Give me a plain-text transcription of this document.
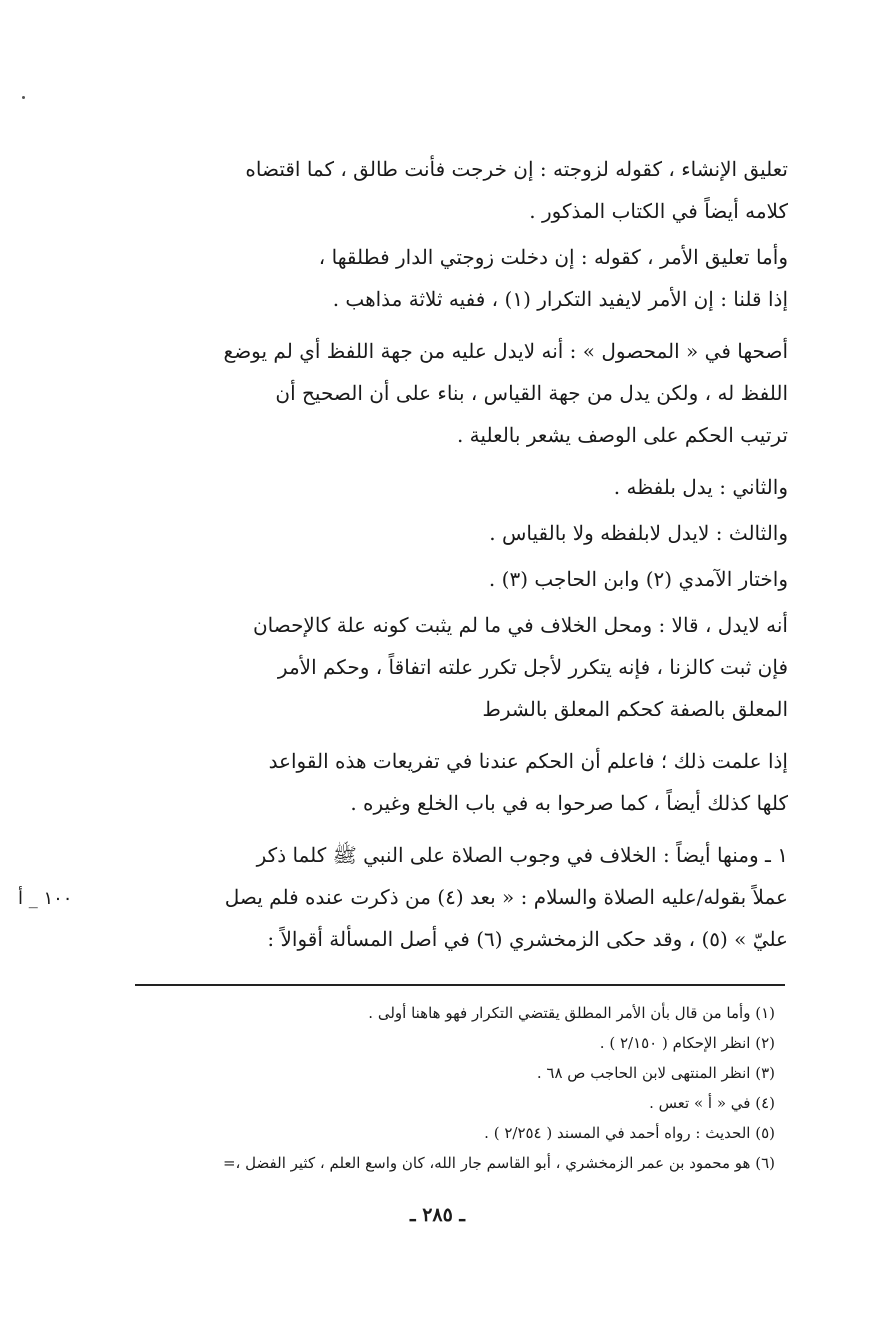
تعليق الإنشاء ، كقوله لزوجته : إن خرجت فأنت طالق ، كما اقتضاه
كلامه أيضاً في الكتاب المذكور .
وأما تعليق الأمر ، كقوله : إن دخلت زوجتي الدار فطلقها ،
إذا قلنا : إن الأمر لايفيد التكرار (١) ، ففيه ثلاثة مذاهب .
أصحها في « المحصول » : أنه لايدل عليه من جهة اللفظ أي لم يوضع
اللفظ له ، ولكن يدل من جهة القياس ، بناء على أن الصحيح أن
ترتيب الحكم على الوصف يشعر بالعلية .
والثاني : يدل بلفظه .
والثالث : لايدل لابلفظه ولا بالقياس .
واختار الآمدي (٢) وابن الحاجب (٣) .
أنه لايدل ، قالا : ومحل الخلاف في ما لم يثبت كونه علة كالإحصان
فإن ثبت كالزنا ، فإنه يتكرر لأجل تكرر علته اتفاقاً ، وحكم الأمر
المعلق بالصفة كحكم المعلق بالشرط
إذا علمت ذلك ؛ فاعلم أن الحكم عندنا في تفريعات هذه القواعد
كلها كذلك أيضاً ، كما صرحوا به في باب الخلع وغيره .
١ ـ ومنها أيضاً : الخلاف في وجوب الصلاة على النبي ﷺ كلما ذكر
عملاً بقوله/عليه الصلاة والسلام : « بعد (٤) من ذكرت عنده فلم يصل
عليّ » (٥) ، وقد حكى الزمخشري (٦) في أصل المسألة أقوالاً :
١٠٠ _ أ
(١) وأما من قال بأن الأمر المطلق يقتضي التكرار فهو هاهنا أولى .
(٢) انظر الإحكام ( ٢/١٥٠ ) .
(٣) انظر المنتهى لابن الحاجب ص ٦٨ .
(٤) في « أ » تعس .
(٥) الحديث : رواه أحمد في المسند ( ٢/٢٥٤ ) .
(٦) هو محمود بن عمر الزمخشري ، أبو القاسم جار الله، كان واسع العلم ، كثير الفضل ،=
ـ ٢٨٥ ـ
